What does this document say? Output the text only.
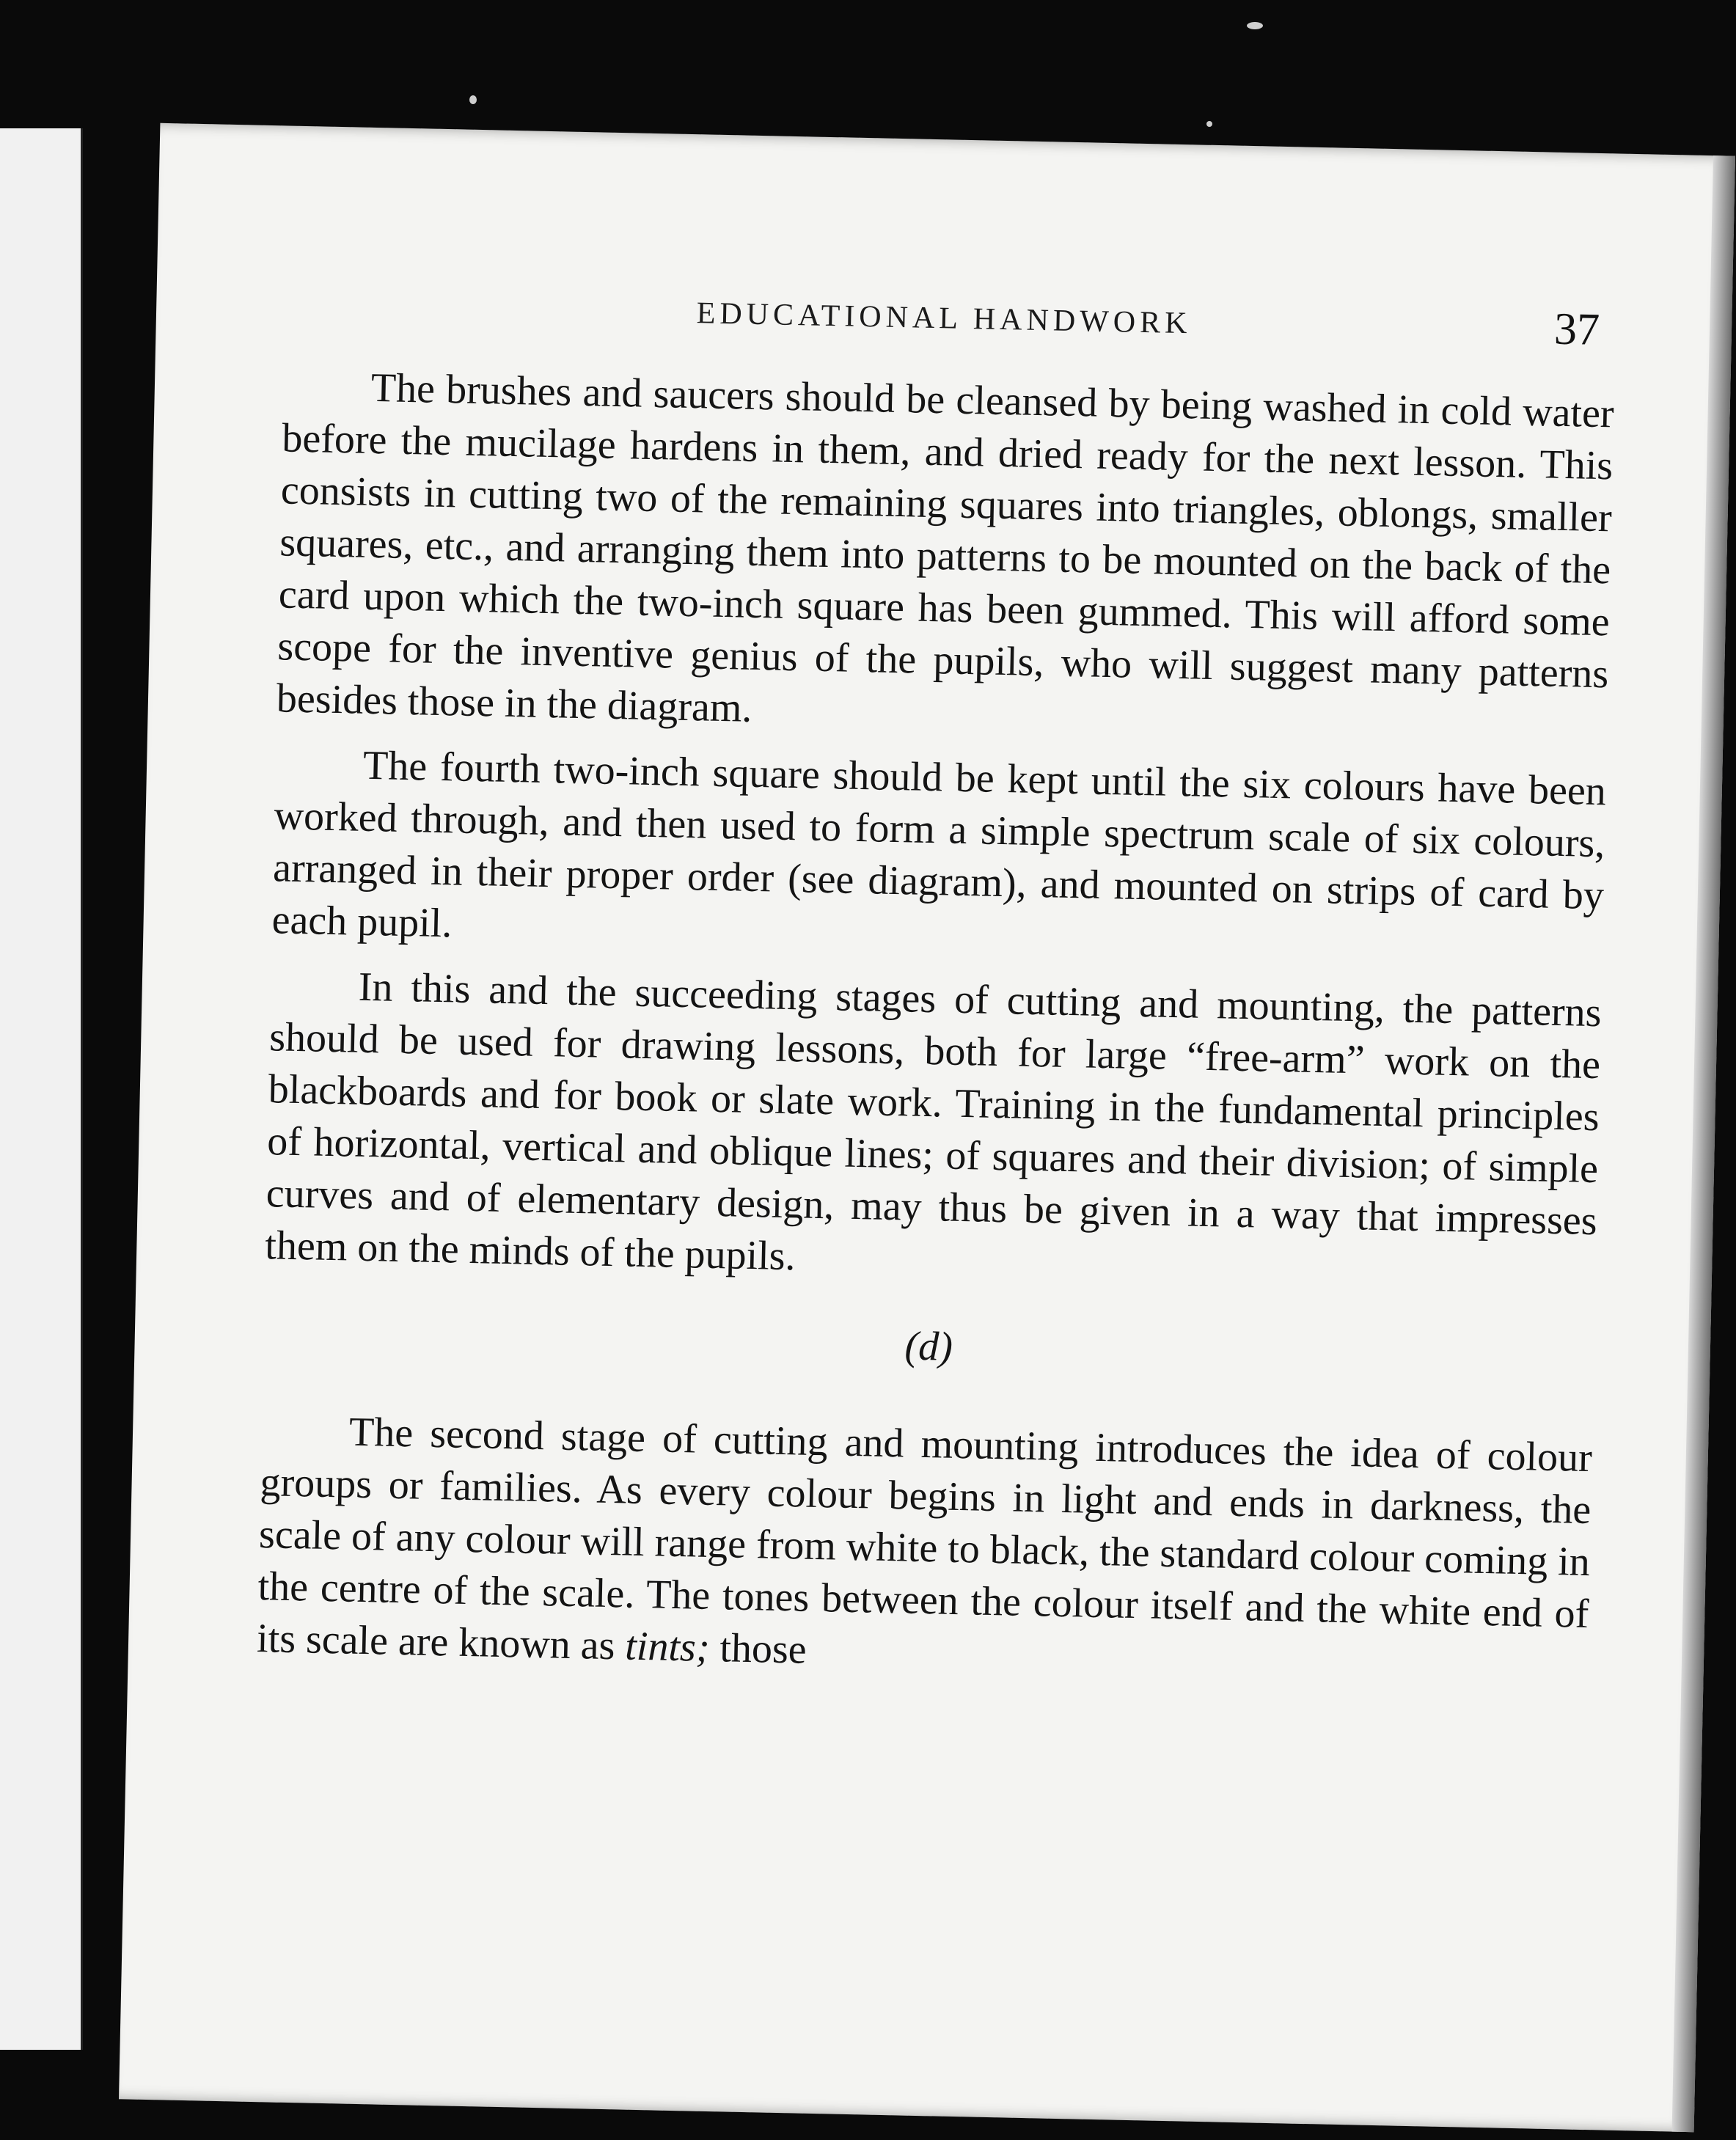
EDUCATIONAL HANDWORK	37

The brushes and saucers should be cleansed by being washed in cold water before the mucilage hardens in them, and dried ready for the next lesson. This consists in cutting two of the remaining squares into triangles, oblongs, smaller squares, etc., and arranging them into patterns to be mounted on the back of the card upon which the two-inch square has been gummed. This will afford some scope for the inventive genius of the pupils, who will suggest many patterns besides those in the diagram.

The fourth two-inch square should be kept until the six colours have been worked through, and then used to form a simple spectrum scale of six colours, arranged in their proper order (see diagram), and mounted on strips of card by each pupil.

In this and the succeeding stages of cutting and mounting, the patterns should be used for drawing lessons, both for large “free-arm” work on the blackboards and for book or slate work. Training in the fundamental principles of horizontal, vertical and oblique lines; of squares and their division; of simple curves and of elementary design, may thus be given in a way that impresses them on the minds of the pupils.

(d)

The second stage of cutting and mounting introduces the idea of colour groups or families. As every colour begins in light and ends in darkness, the scale of any colour will range from white to black, the standard colour coming in the centre of the scale. The tones between the colour itself and the white end of its scale are known as tints; those
